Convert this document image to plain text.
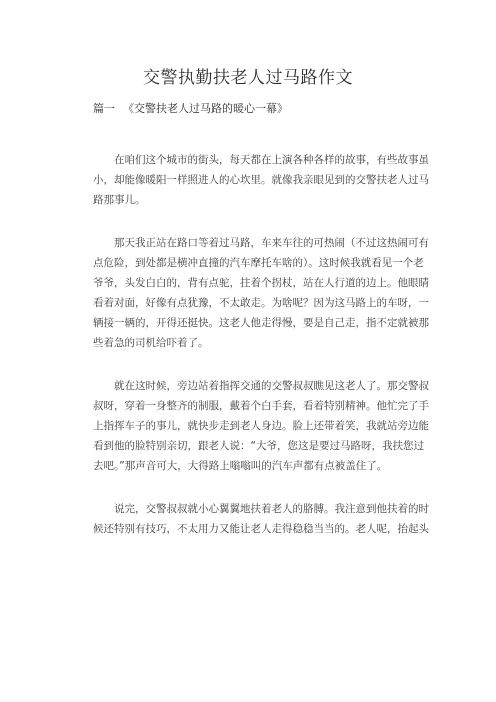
交警执勤扶老人过马路作文
篇一 《交警扶老人过马路的暖心一幕》

在咱们这个城市的街头，每天都在上演各种各样的故事，有些故事虽
小，却能像暖阳一样照进人的心坎里。就像我亲眼见到的交警扶老人过马
路那事儿。

那天我正站在路口等着过马路，车来车往的可热闹（不过这热闹可有
点危险，到处都是横冲直撞的汽车摩托车啥的）。这时候我就看见一个老
爷爷，头发白白的，背有点驼，拄着个拐杖，站在人行道的边上。他眼睛
看着对面，好像有点犹豫，不太敢走。为啥呢？因为这马路上的车呀，一
辆接一辆的，开得还挺快。这老人他走得慢，要是自己走，指不定就被那
些着急的司机给吓着了。

就在这时候，旁边站着指挥交通的交警叔叔瞧见这老人了。那交警叔
叔呀，穿着一身整齐的制服，戴着个白手套，看着特别精神。他忙完了手
上指挥车子的事儿，就快步走到老人身边。脸上还带着笑，我就站旁边能
看到他的脸特别亲切，跟老人说：“大爷，您这是要过马路呀，我扶您过
去吧。”那声音可大，大得路上嗡嗡叫的汽车声都有点被盖住了。

说完，交警叔叔就小心翼翼地扶着老人的胳膊。我注意到他扶着的时
候还特别有技巧，不太用力又能让老人走得稳稳当当的。老人呢，抬起头
